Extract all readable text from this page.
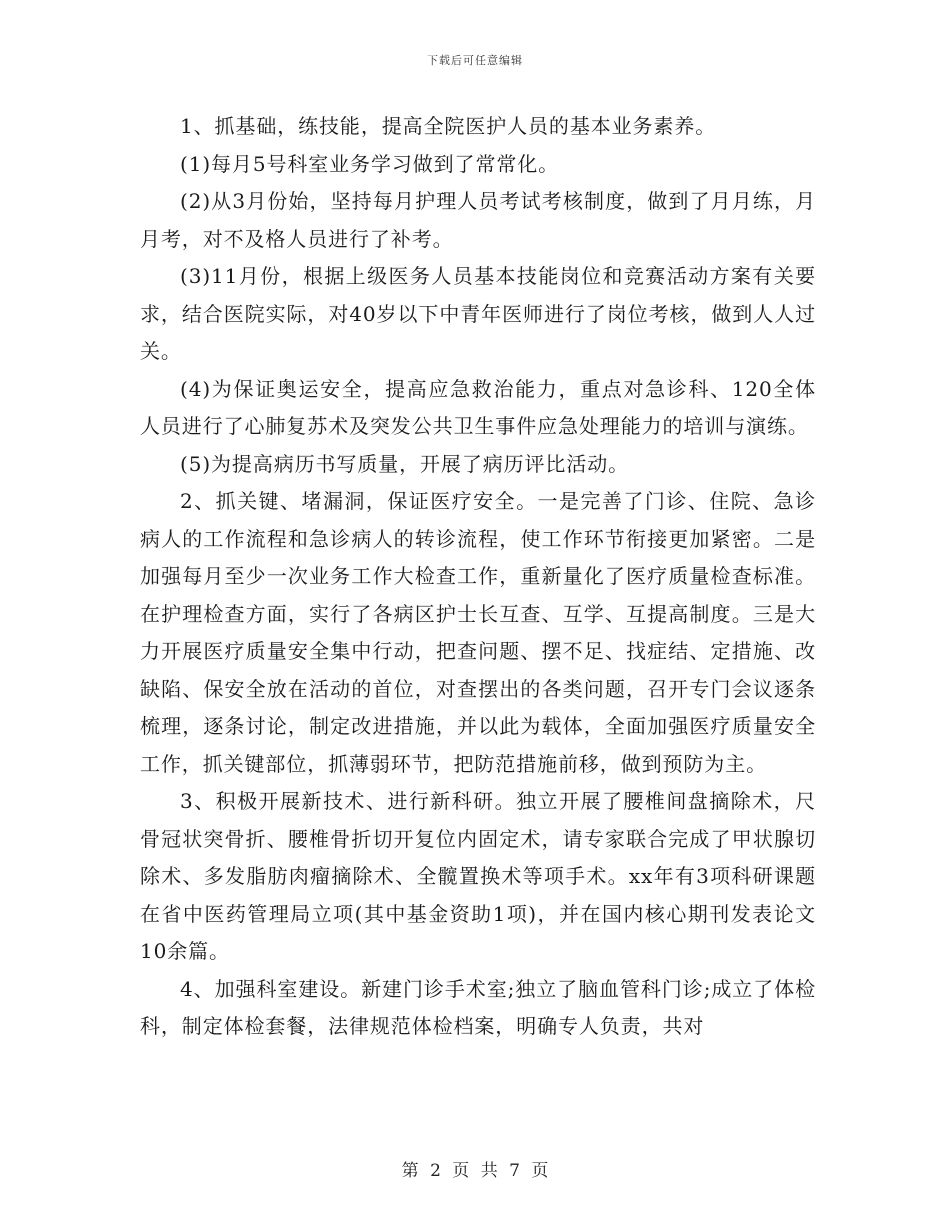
下载后可任意编辑

1、抓基础，练技能，提高全院医护人员的基本业务素养。

(1)每月5号科室业务学习做到了常常化。

(2)从3月份始，坚持每月护理人员考试考核制度，做到了月月练，月月考，对不及格人员进行了补考。

(3)11月份，根据上级医务人员基本技能岗位和竞赛活动方案有关要求，结合医院实际，对40岁以下中青年医师进行了岗位考核，做到人人过关。

(4)为保证奥运安全，提高应急救治能力，重点对急诊科、120全体人员进行了心肺复苏术及突发公共卫生事件应急处理能力的培训与演练。

(5)为提高病历书写质量，开展了病历评比活动。

2、抓关键、堵漏洞，保证医疗安全。一是完善了门诊、住院、急诊病人的工作流程和急诊病人的转诊流程，使工作环节衔接更加紧密。二是加强每月至少一次业务工作大检查工作，重新量化了医疗质量检查标准。在护理检查方面，实行了各病区护士长互查、互学、互提高制度。三是大力开展医疗质量安全集中行动，把查问题、摆不足、找症结、定措施、改缺陷、保安全放在活动的首位，对查摆出的各类问题，召开专门会议逐条梳理，逐条讨论，制定改进措施，并以此为载体，全面加强医疗质量安全工作，抓关键部位，抓薄弱环节，把防范措施前移，做到预防为主。

3、积极开展新技术、进行新科研。独立开展了腰椎间盘摘除术，尺骨冠状突骨折、腰椎骨折切开复位内固定术，请专家联合完成了甲状腺切除术、多发脂肪肉瘤摘除术、全髋置换术等项手术。xx年有3项科研课题在省中医药管理局立项(其中基金资助1项)，并在国内核心期刊发表论文10余篇。

4、加强科室建设。新建门诊手术室;独立了脑血管科门诊;成立了体检科，制定体检套餐，法律规范体检档案，明确专人负责，共对

第 2 页 共 7 页
